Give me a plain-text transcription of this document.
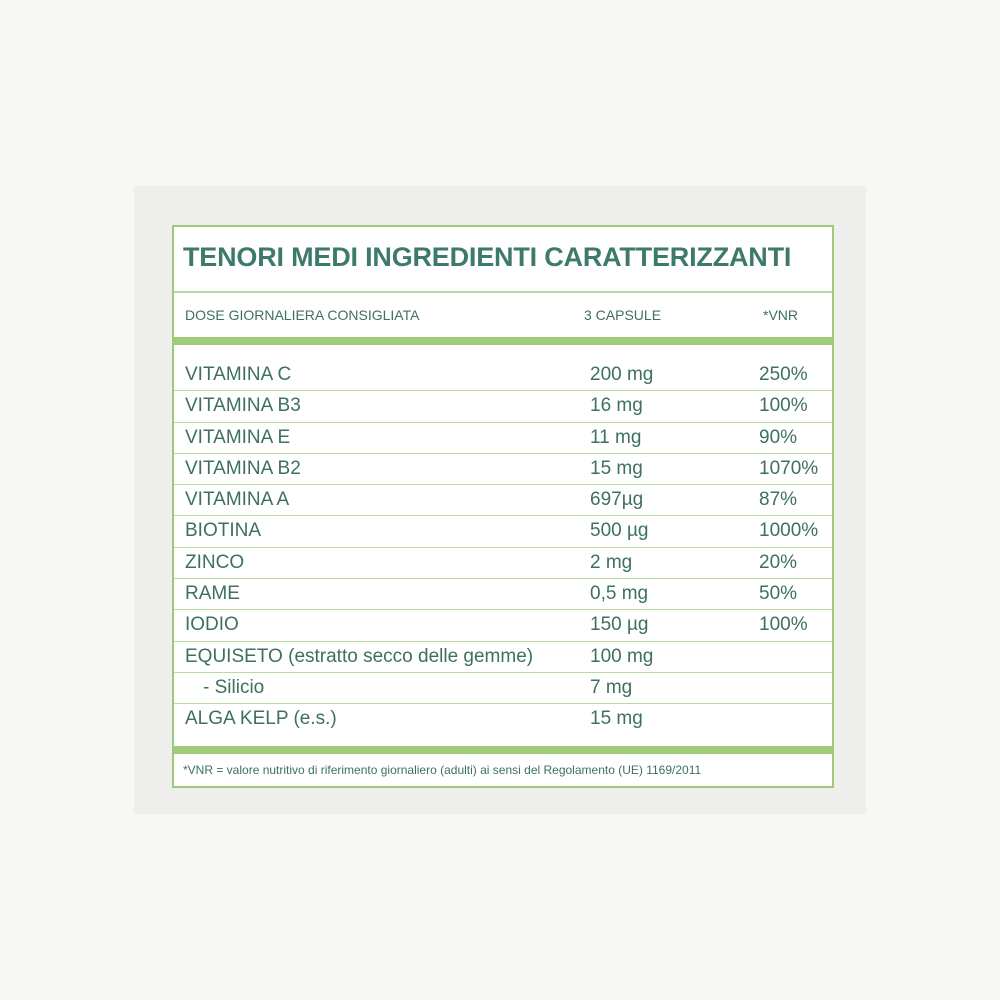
TENORI MEDI INGREDIENTI CARATTERIZZANTI
DOSE GIORNALIERA CONSIGLIATA	3 CAPSULE	*VNR
VITAMINA C	200 mg	250%
VITAMINA B3	16 mg	100%
VITAMINA E	11 mg	90%
VITAMINA B2	15 mg	1070%
VITAMINA A	697µg	87%
BIOTINA	500 µg	1000%
ZINCO	2 mg	20%
RAME	0,5 mg	50%
IODIO	150 µg	100%
EQUISETO (estratto secco delle gemme)	100 mg
- Silicio	7 mg
ALGA KELP (e.s.)	15 mg
*VNR = valore nutritivo di riferimento giornaliero (adulti) ai sensi del Regolamento (UE) 1169/2011
